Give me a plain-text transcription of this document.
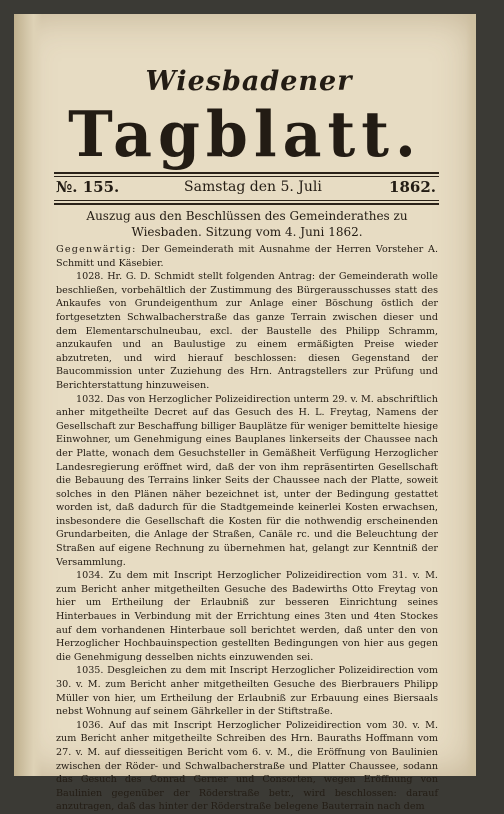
Wiesbadener
Tagblatt.
№. 155.	Samstag den 5. Juli	1862.
Auszug aus den Beschlüssen des Gemeinderathes zu Wiesbaden. Sitzung vom 4. Juni 1862.

Gegenwärtig: Der Gemeinderath mit Ausnahme der Herren Vorsteher A. Schmitt und Käsebier.

1028. Hr. G. D. Schmidt stellt folgenden Antrag: der Gemeinderath wolle beschließen, vorbehältlich der Zustimmung des Bürgerausschusses statt des Ankaufes von Grundeigenthum zur Anlage einer Böschung östlich der fortgesetzten Schwalbacherstraße das ganze Terrain zwischen dieser und dem Elementarschulneubau, excl. der Baustelle des Philipp Schramm, anzukaufen und an Baulustige zu einem ermäßigten Preise wieder abzutreten, und wird hierauf beschlossen: diesen Gegenstand der Baucommission unter Zuziehung des Hrn. Antragstellers zur Prüfung und Berichterstattung hinzuweisen.

1032. Das von Herzoglicher Polizeidirection unterm 29. v. M. abschriftlich anher mitgetheilte Decret auf das Gesuch des H. L. Freytag, Namens der Gesellschaft zur Beschaffung billiger Bauplätze für weniger bemittelte hiesige Einwohner, um Genehmigung eines Bauplanes linkerseits der Chaussee nach der Platte, wonach dem Gesuchsteller in Gemäßheit Verfügung Herzoglicher Landesregierung eröffnet wird, daß der von ihm repräsentirten Gesellschaft die Bebauung des Terrains linker Seits der Chaussee nach der Platte, soweit solches in den Plänen näher bezeichnet ist, unter der Bedingung gestattet worden ist, daß dadurch für die Stadtgemeinde keinerlei Kosten erwachsen, insbesondere die Gesellschaft die Kosten für die nothwendig erscheinenden Grundarbeiten, die Anlage der Straßen, Canäle rc. und die Beleuchtung der Straßen auf eigene Rechnung zu übernehmen hat, gelangt zur Kenntniß der Versammlung.

1034. Zu dem mit Inscript Herzoglicher Polizeidirection vom 31. v. M. zum Bericht anher mitgetheilten Gesuche des Badewirths Otto Freytag von hier um Ertheilung der Erlaubniß zur besseren Einrichtung seines Hinterbaues in Verbindung mit der Errichtung eines 3ten und 4ten Stockes auf dem vorhandenen Hinterbaue soll berichtet werden, daß unter den von Herzoglicher Hochbauinspection gestellten Bedingungen von hier aus gegen die Genehmigung desselben nichts einzuwenden sei.

1035. Desgleichen zu dem mit Inscript Herzoglicher Polizeidirection vom 30. v. M. zum Bericht anher mitgetheilten Gesuche des Bierbrauers Philipp Müller von hier, um Ertheilung der Erlaubniß zur Erbauung eines Biersaals nebst Wohnung auf seinem Gährkeller in der Stiftstraße.

1036. Auf das mit Inscript Herzoglicher Polizeidirection vom 30. v. M. zum Bericht anher mitgetheilte Schreiben des Hrn. Bauraths Hoffmann vom 27. v. M. auf diesseitigen Bericht vom 6. v. M., die Eröffnung von Baulinien zwischen der Röder- und Schwalbacherstraße und Platter Chaussee, sodann das Gesuch des Conrad Gerner und Consorten, wegen Eröffnung von Baulinien gegenüber der Röderstraße betr., wird beschlossen: darauf anzutragen, daß das hinter der Röderstraße belegene Bauterrain nach dem
